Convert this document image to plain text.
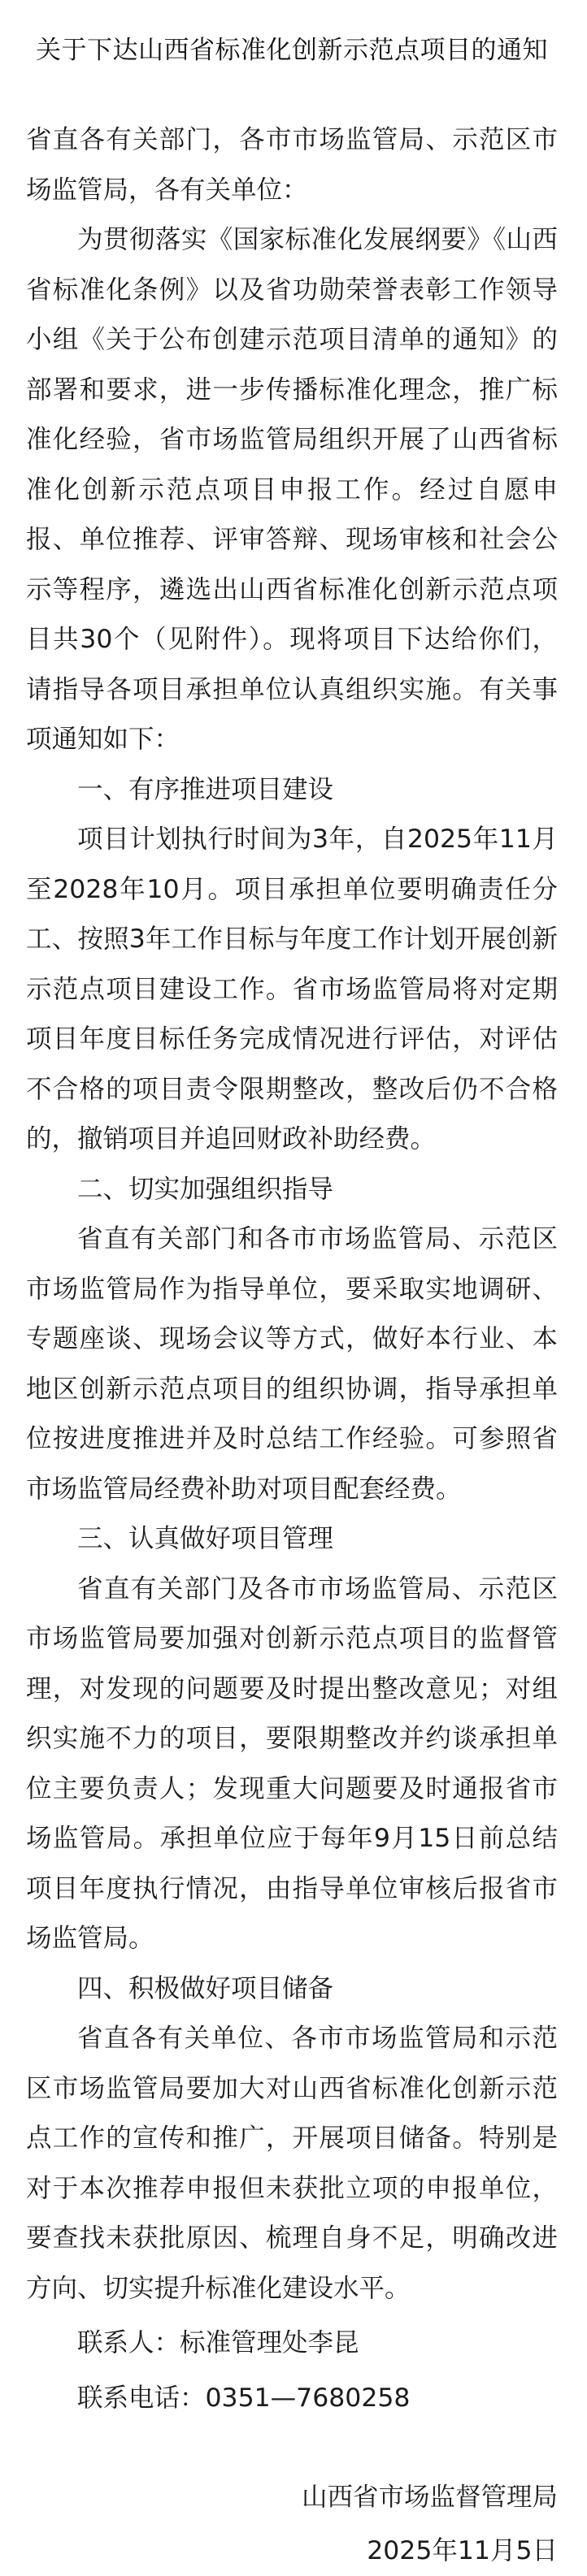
关于下达山西省标准化创新示范点项目的通知

省直各有关部门，各市市场监管局、示范区市场监管局，各有关单位：

为贯彻落实《国家标准化发展纲要》《山西省标准化条例》以及省功勋荣誉表彰工作领导小组《关于公布创建示范项目清单的通知》的部署和要求，进一步传播标准化理念，推广标准化经验，省市场监管局组织开展了山西省标准化创新示范点项目申报工作。经过自愿申报、单位推荐、评审答辩、现场审核和社会公示等程序，遴选出山西省标准化创新示范点项目共30个（见附件）。现将项目下达给你们，请指导各项目承担单位认真组织实施。有关事项通知如下：

一、有序推进项目建设

项目计划执行时间为3年，自2025年11月至2028年10月。项目承担单位要明确责任分工、按照3年工作目标与年度工作计划开展创新示范点项目建设工作。省市场监管局将对定期项目年度目标任务完成情况进行评估，对评估不合格的项目责令限期整改，整改后仍不合格的，撤销项目并追回财政补助经费。

二、切实加强组织指导

省直有关部门和各市市场监管局、示范区市场监管局作为指导单位，要采取实地调研、专题座谈、现场会议等方式，做好本行业、本地区创新示范点项目的组织协调，指导承担单位按进度推进并及时总结工作经验。可参照省市场监管局经费补助对项目配套经费。

三、认真做好项目管理

省直有关部门及各市市场监管局、示范区市场监管局要加强对创新示范点项目的监督管理，对发现的问题要及时提出整改意见；对组织实施不力的项目，要限期整改并约谈承担单位主要负责人；发现重大问题要及时通报省市场监管局。承担单位应于每年9月15日前总结项目年度执行情况，由指导单位审核后报省市场监管局。

四、积极做好项目储备

省直各有关单位、各市市场监管局和示范区市场监管局要加大对山西省标准化创新示范点工作的宣传和推广，开展项目储备。特别是对于本次推荐申报但未获批立项的申报单位，要查找未获批原因、梳理自身不足，明确改进方向、切实提升标准化建设水平。

联系人：标准管理处李昆

联系电话：0351—7680258

山西省市场监督管理局
2025年11月5日
